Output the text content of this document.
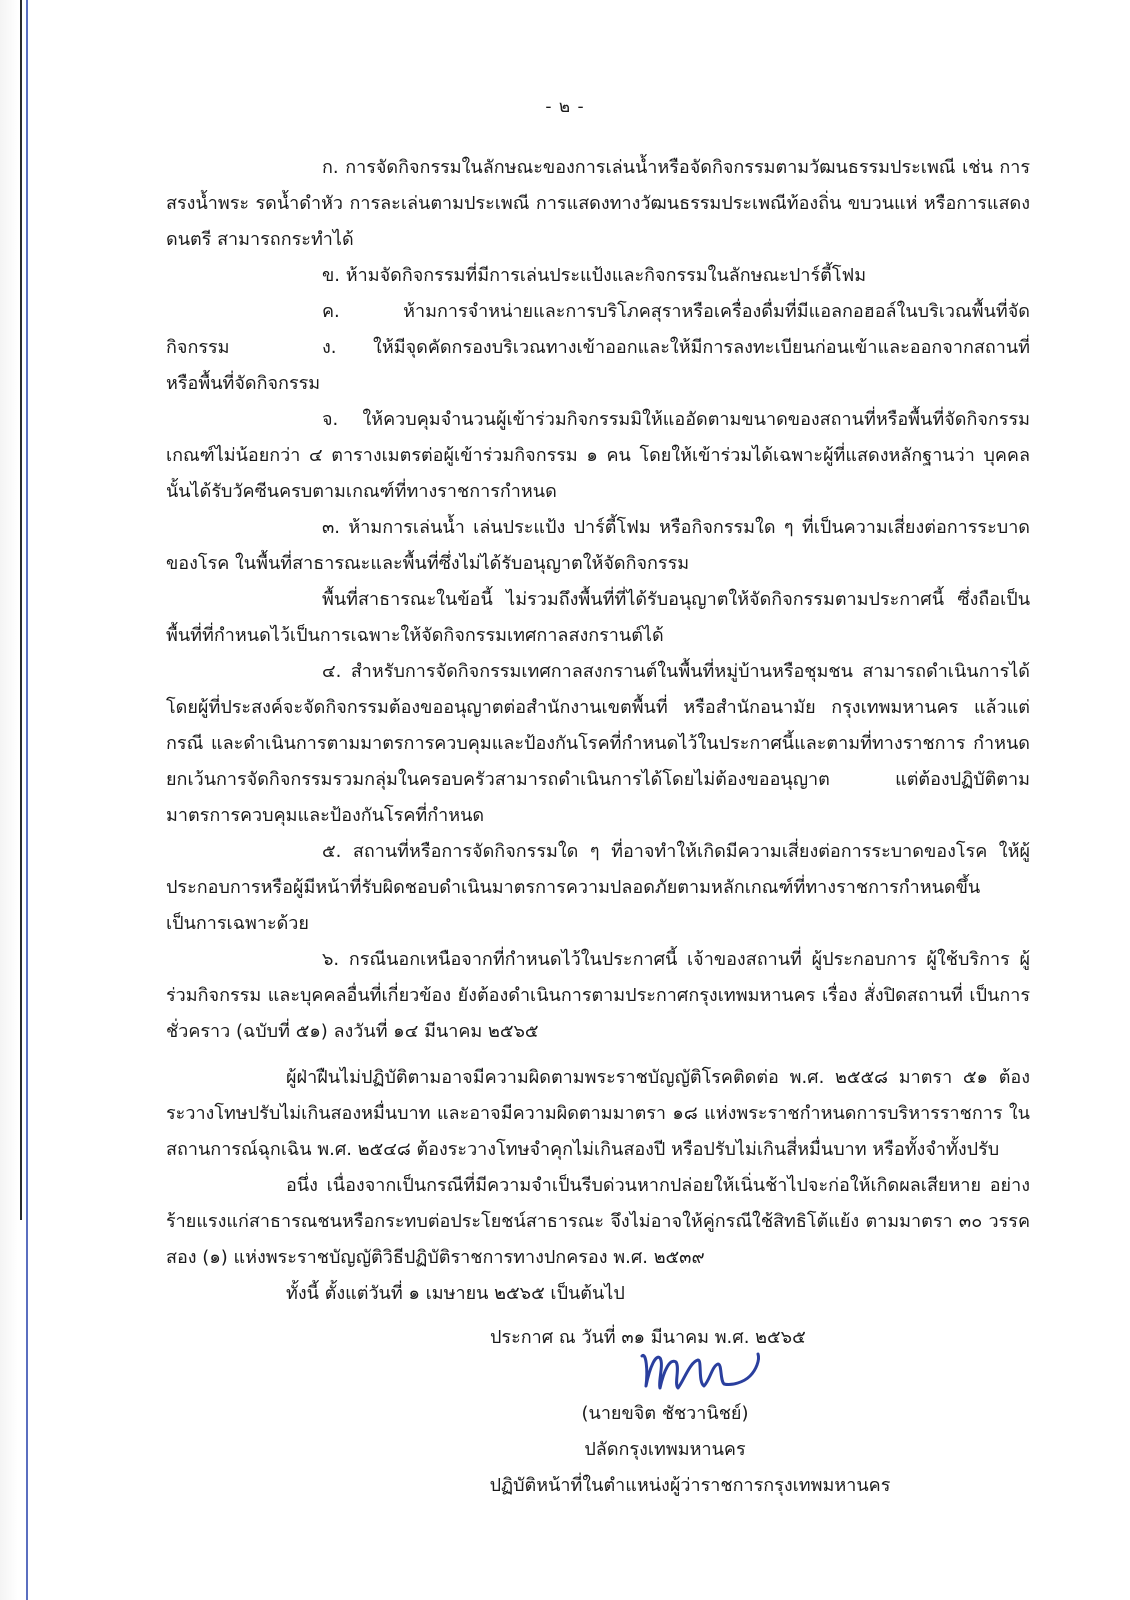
- ๒ -

ก. การจัดกิจกรรมในลักษณะของการเล่นน้ำหรือจัดกิจกรรมตามวัฒนธรรมประเพณี เช่น การสรงน้ำพระ รดน้ำดำหัว การละเล่นตามประเพณี การแสดงทางวัฒนธรรมประเพณีท้องถิ่น ขบวนแห่ หรือการแสดงดนตรี สามารถกระทำได้

ข. ห้ามจัดกิจกรรมที่มีการเล่นประแป้งและกิจกรรมในลักษณะปาร์ตี้โฟม

ค. ห้ามการจำหน่ายและการบริโภคสุราหรือเครื่องดื่มที่มีแอลกอฮอล์ในบริเวณพื้นที่จัดกิจกรรม	ง. ให้มีจุดคัดกรองบริเวณทางเข้าออกและให้มีการลงทะเบียนก่อนเข้าและออกจากสถานที่ หรือพื้นที่จัดกิจกรรม

จ. ให้ควบคุมจำนวนผู้เข้าร่วมกิจกรรมมิให้แออัดตามขนาดของสถานที่หรือพื้นที่จัดกิจกรรม เกณฑ์ไม่น้อยกว่า ๔ ตารางเมตรต่อผู้เข้าร่วมกิจกรรม ๑ คน โดยให้เข้าร่วมได้เฉพาะผู้ที่แสดงหลักฐานว่า บุคคลนั้นได้รับวัคซีนครบตามเกณฑ์ที่ทางราชการกำหนด

๓. ห้ามการเล่นน้ำ เล่นประแป้ง ปาร์ตี้โฟม หรือกิจกรรมใด ๆ ที่เป็นความเสี่ยงต่อการระบาด ของโรค ในพื้นที่สาธารณะและพื้นที่ซึ่งไม่ได้รับอนุญาตให้จัดกิจกรรม

พื้นที่สาธารณะในข้อนี้ ไม่รวมถึงพื้นที่ที่ได้รับอนุญาตให้จัดกิจกรรมตามประกาศนี้ ซึ่งถือเป็นพื้นที่ที่กำหนดไว้เป็นการเฉพาะให้จัดกิจกรรมเทศกาลสงกรานต์ได้

๔. สำหรับการจัดกิจกรรมเทศกาลสงกรานต์ในพื้นที่หมู่บ้านหรือชุมชน สามารถดำเนินการได้ โดยผู้ที่ประสงค์จะจัดกิจกรรมต้องขออนุญาตต่อสำนักงานเขตพื้นที่ หรือสำนักอนามัย กรุงเทพมหานคร แล้วแต่กรณี และดำเนินการตามมาตรการควบคุมและป้องกันโรคที่กำหนดไว้ในประกาศนี้และตามที่ทางราชการ กำหนด ยกเว้นการจัดกิจกรรมรวมกลุ่มในครอบครัวสามารถดำเนินการได้โดยไม่ต้องขออนุญาต แต่ต้องปฏิบัติตาม มาตรการควบคุมและป้องกันโรคที่กำหนด

๕. สถานที่หรือการจัดกิจกรรมใด ๆ ที่อาจทำให้เกิดมีความเสี่ยงต่อการระบาดของโรค ให้ผู้ประกอบการหรือผู้มีหน้าที่รับผิดชอบดำเนินมาตรการความปลอดภัยตามหลักเกณฑ์ที่ทางราชการกำหนดขึ้น เป็นการเฉพาะด้วย

๖. กรณีนอกเหนือจากที่กำหนดไว้ในประกาศนี้ เจ้าของสถานที่ ผู้ประกอบการ ผู้ใช้บริการ ผู้ร่วมกิจกรรม และบุคคลอื่นที่เกี่ยวข้อง ยังต้องดำเนินการตามประกาศกรุงเทพมหานคร เรื่อง สั่งปิดสถานที่ เป็นการชั่วคราว (ฉบับที่ ๕๑) ลงวันที่ ๑๔ มีนาคม ๒๕๖๕

ผู้ฝ่าฝืนไม่ปฏิบัติตามอาจมีความผิดตามพระราชบัญญัติโรคติดต่อ พ.ศ. ๒๕๕๘ มาตรา ๕๑ ต้องระวางโทษปรับไม่เกินสองหมื่นบาท และอาจมีความผิดตามมาตรา ๑๘ แห่งพระราชกำหนดการบริหารราชการ ในสถานการณ์ฉุกเฉิน พ.ศ. ๒๕๔๘ ต้องระวางโทษจำคุกไม่เกินสองปี หรือปรับไม่เกินสี่หมื่นบาท หรือทั้งจำทั้งปรับ

อนึ่ง เนื่องจากเป็นกรณีที่มีความจำเป็นรีบด่วนหากปล่อยให้เนิ่นช้าไปจะก่อให้เกิดผลเสียหาย อย่างร้ายแรงแก่สาธารณชนหรือกระทบต่อประโยชน์สาธารณะ จึงไม่อาจให้คู่กรณีใช้สิทธิโต้แย้ง ตามมาตรา ๓๐ วรรคสอง (๑) แห่งพระราชบัญญัติวิธีปฏิบัติราชการทางปกครอง พ.ศ. ๒๕๓๙

ทั้งนี้ ตั้งแต่วันที่ ๑ เมษายน ๒๕๖๕ เป็นต้นไป

ประกาศ ณ วันที่ ๓๑ มีนาคม พ.ศ. ๒๕๖๕
(นายขจิต ชัชวานิชย์)
ปลัดกรุงเทพมหานคร
ปฏิบัติหน้าที่ในตำแหน่งผู้ว่าราชการกรุงเทพมหานคร
